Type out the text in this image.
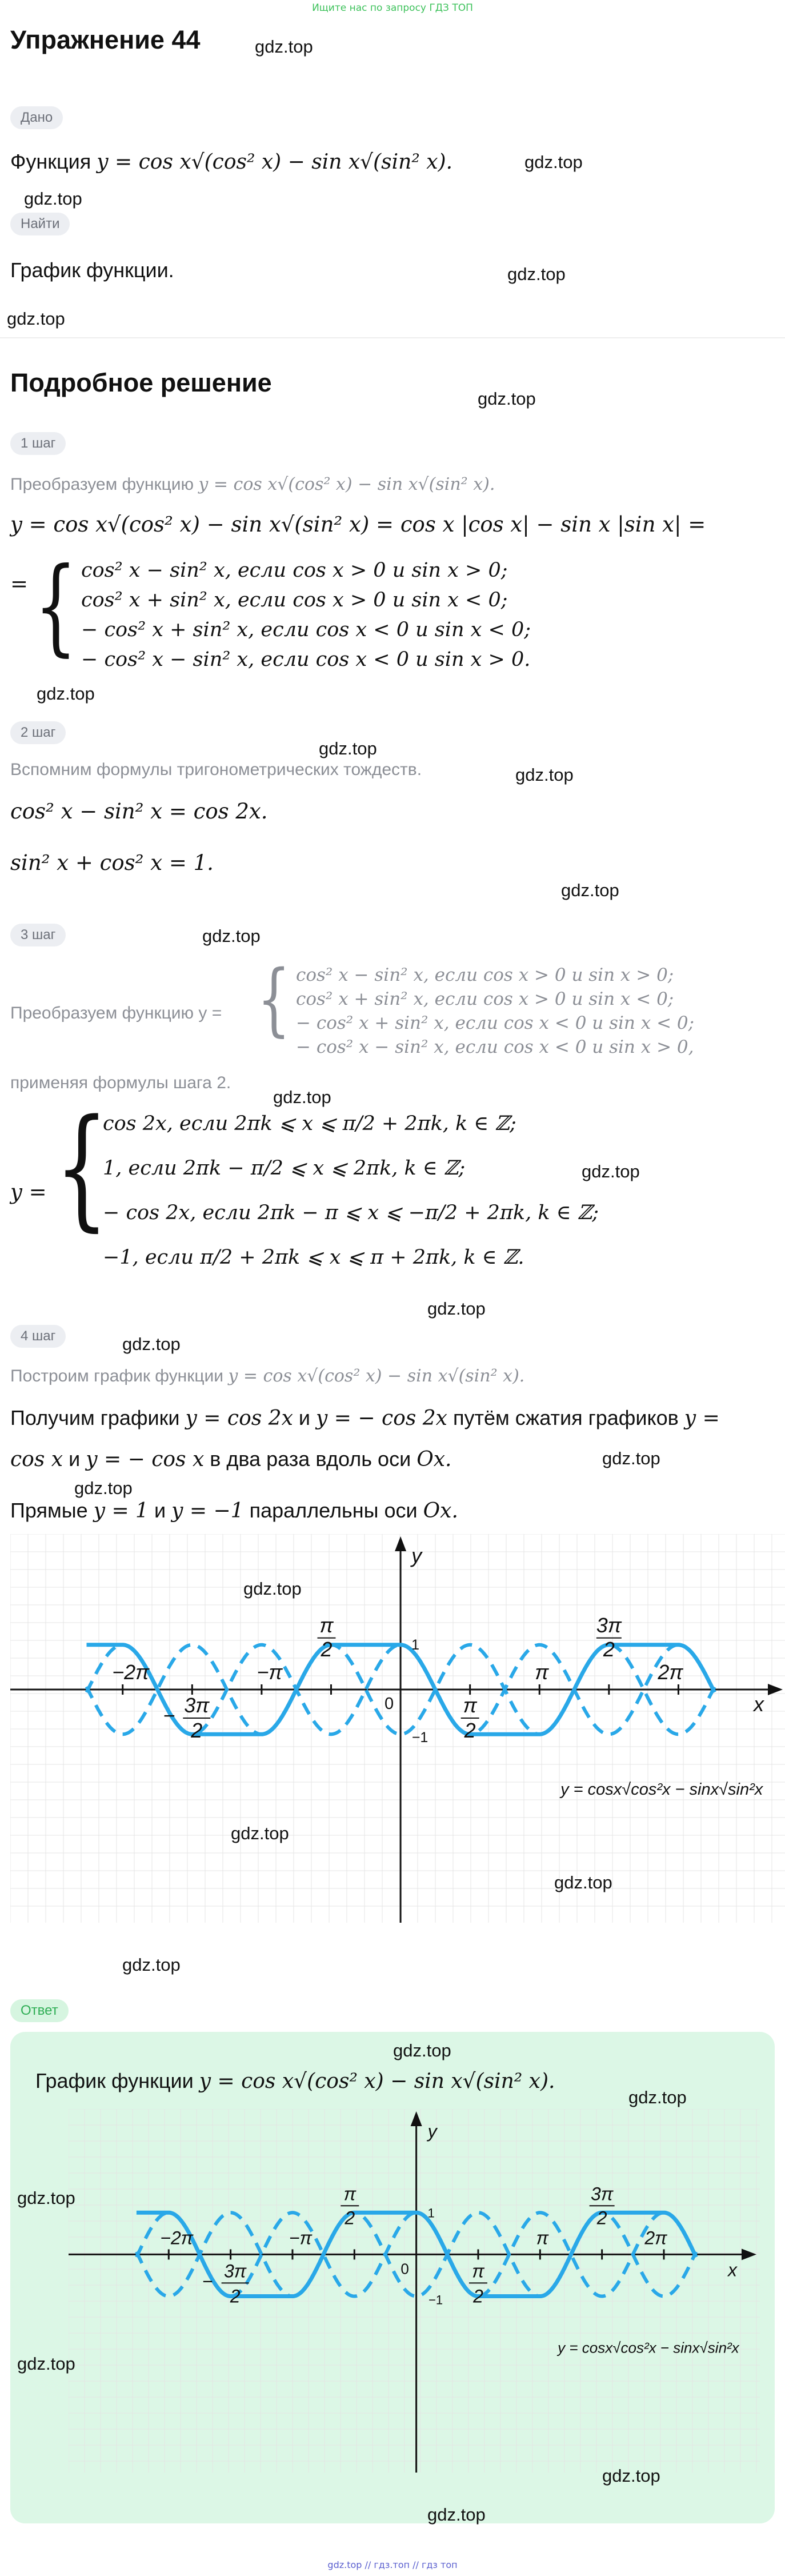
Ищите нас по запросу ГДЗ ТОП
Упражнение 44	gdz.top
Дано
Функция y = cos x√(cos² x) − sin x√(sin² x).	gdz.top
gdz.top
Найти
График функции.	gdz.top
gdz.top
Подробное решение
gdz.top
1 шаг
Преобразуем функцию y = cos x√(cos² x) − sin x√(sin² x).
y = cos x√(cos² x) − sin x√(sin² x) = cos x |cos x| − sin x |sin x| =
= { cos² x − sin² x, если cos x > 0 и sin x > 0;
cos² x + sin² x, если cos x > 0 и sin x < 0;
− cos² x + sin² x, если cos x < 0 и sin x < 0;
− cos² x − sin² x, если cos x < 0 и sin x > 0.
gdz.top
2 шаг
gdz.top
Вспомним формулы тригонометрических тождеств.	gdz.top
cos² x − sin² x = cos 2x.
sin² x + cos² x = 1.
gdz.top
3 шаг	gdz.top
Преобразуем функцию y = { cos² x − sin² x, если cos x > 0 и sin x > 0;
cos² x + sin² x, если cos x > 0 и sin x < 0;
− cos² x + sin² x, если cos x < 0 и sin x < 0;
− cos² x − sin² x, если cos x < 0 и sin x > 0,
применяя формулы шага 2.
gdz.top
y = {
cos 2x, если 2πk ⩽ x ⩽ π/2 + 2πk, k ∈ ℤ;
1, если 2πk − π/2 ⩽ x ⩽ 2πk, k ∈ ℤ;	gdz.top
− cos 2x, если 2πk − π ⩽ x ⩽ −π/2 + 2πk, k ∈ ℤ;
−1, если π/2 + 2πk ⩽ x ⩽ π + 2πk, k ∈ ℤ.
gdz.top
4 шаг	gdz.top
Построим график функции y = cos x√(cos² x) − sin x√(sin² x).
Получим графики y = cos 2x и y = − cos 2x путём сжатия графиков y =
cos x и y = − cos x в два раза вдоль оси Ox.	gdz.top
gdz.top
Прямые y = 1 и y = −1 параллельны оси Ox.
−2π	−π	π	2π
π
2
3π
−
2
π
2
3π
2
y
x
0
1
−1
y = cosx√cos²x − sinx√sin²x
gdz.top
gdz.top
gdz.top
gdz.top
Ответ
gdz.top
График функции y = cos x√(cos² x) − sin x√(sin² x).
gdz.top
−2π	−π	π	2π
π
2
3π
−
2
π
2
3π
2
y
x
0
1
−1
y = cosx√cos²x − sinx√sin²x
gdz.top
gdz.top
gdz.top
gdz.top
gdz.top // гдз.топ // гдз топ
